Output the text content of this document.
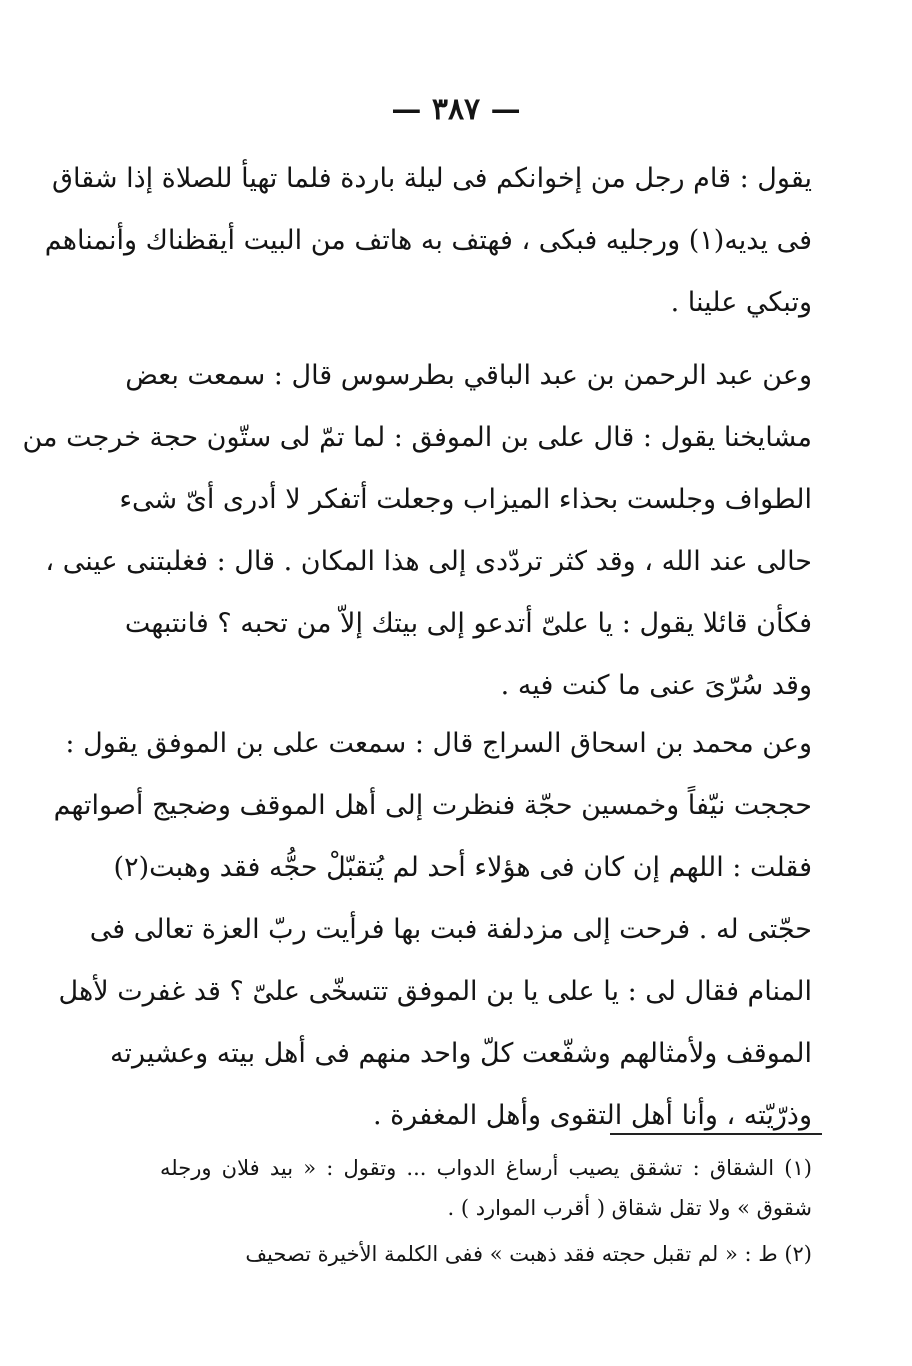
— ٣٨٧ —
يقول : قام رجل من إخوانكم فى ليلة باردة فلما تهيأ للصلاة إذا شقاق
فى يديه(١) ورجليه فبكى ، فهتف به هاتف من البيت أيقظناك وأنمناهم
وتبكي علينا .
وعن عبد الرحمن بن عبد الباقي بطرسوس قال : سمعت بعض
مشايخنا يقول : قال على بن الموفق : لما تمّ لى ستّون حجة خرجت من
الطواف وجلست بحذاء الميزاب وجعلت أتفكر لا أدرى أىّ شىء
حالى عند الله ، وقد كثر تردّدى إلى هذا المكان . قال : فغلبتنى عينى ،
فكأن قائلا يقول : يا علىّ أتدعو إلى بيتك إلاّ من تحبه ؟ فانتبهت
وقد سُرّىَ عنى ما كنت فيه .
وعن محمد بن اسحاق السراج قال : سمعت على بن الموفق يقول :
حججت نيّفاً وخمسين حجّة فنظرت إلى أهل الموقف وضجيج أصواتهم
فقلت : اللهم إن كان فى هؤلاء أحد لم يُتقبّلْ حجُّه فقد وهبت(٢)
حجّتى له . فرحت إلى مزدلفة فبت بها فرأيت ربّ العزة تعالى فى
المنام فقال لى : يا على يا بن الموفق تتسخّى علىّ ؟ قد غفرت لأهل
الموقف ولأمثالهم وشفّعت كلّ واحد منهم فى أهل بيته وعشيرته
وذرّيّته ، وأنا أهل التقوى وأهل المغفرة .
(١) الشقاق : تشقق يصيب أرساغ الدواب ... وتقول : « بيد فلان ورجله
شقوق » ولا تقل شقاق ( أقرب الموارد ) .
(٢) ط : « لم تقبل حجته فقد ذهبت » ففى الكلمة الأخيرة تصحيف
